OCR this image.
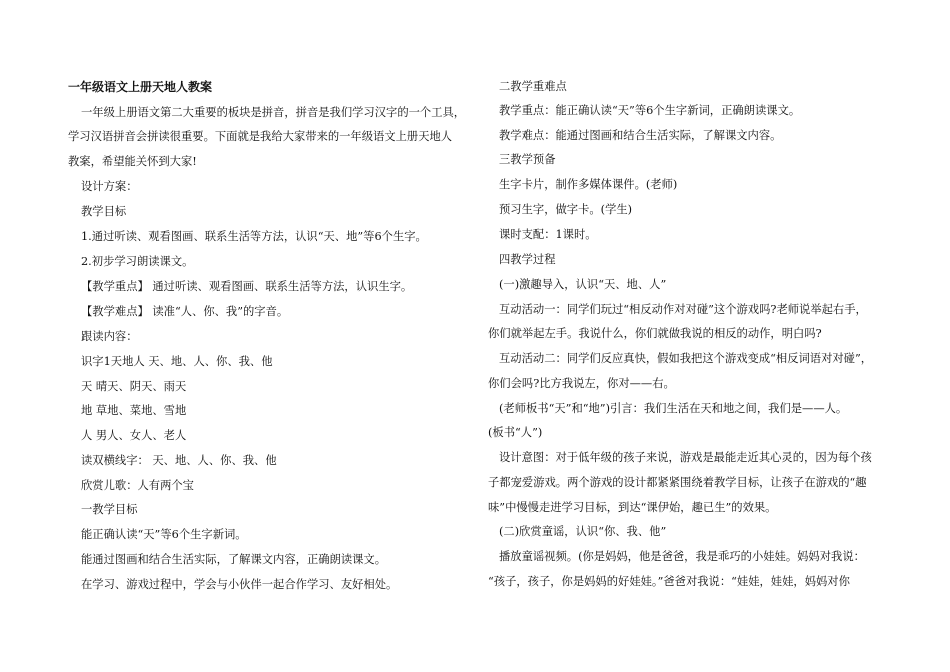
一年级语文上册天地人教案
一年级上册语文第二大重要的板块是拼音，拼音是我们学习汉字的一个工具，
学习汉语拼音会拼读很重要。下面就是我给大家带来的一年级语文上册天地人
教案，希望能关怀到大家!
设计方案：
教学目标
1.通过听读、观看图画、联系生活等方法，认识“天、地”等6个生字。
2.初步学习朗读课文。
【教学重点】 通过听读、观看图画、联系生活等方法，认识生字。
【教学难点】 读准“人、你、我”的字音。
跟读内容：
识字1天地人 天、地、人、你、我、他
天 晴天、阴天、雨天
地 草地、菜地、雪地
人 男人、女人、老人
读双横线字： 天、地、人、你、我、他
欣赏儿歌：人有两个宝
一教学目标
能正确认读“天”等6个生字新词。
能通过图画和结合生活实际，了解课文内容，正确朗读课文。
在学习、游戏过程中，学会与小伙伴一起合作学习、友好相处。
二教学重难点
教学重点：能正确认读“天”等6个生字新词，正确朗读课文。
教学难点：能通过图画和结合生活实际，了解课文内容。
三教学预备
生字卡片，制作多媒体课件。(老师)
预习生字，做字卡。(学生)
课时支配：1课时。
四教学过程
(一)激趣导入，认识“天、地、人”
互动活动一：同学们玩过“相反动作对对碰”这个游戏吗?老师说举起右手，
你们就举起左手。我说什么，你们就做我说的相反的动作，明白吗?
互动活动二：同学们反应真快，假如我把这个游戏变成“相反词语对对碰”，
你们会吗?比方我说左，你对——右。
(老师板书“天”和“地”)引言：我们生活在天和地之间，我们是——人。
(板书“人”)
设计意图：对于低年级的孩子来说，游戏是最能走近其心灵的，因为每个孩
子都宠爱游戏。两个游戏的设计都紧紧围绕着教学目标，让孩子在游戏的“趣
味”中慢慢走进学习目标，到达“课伊始，趣已生”的效果。
(二)欣赏童谣，认识“你、我、他”
播放童谣视频。(你是妈妈，他是爸爸，我是乖巧的小娃娃。妈妈对我说：
“孩子，孩子，你是妈妈的好娃娃。”爸爸对我说：“娃娃，娃娃，妈妈对你
